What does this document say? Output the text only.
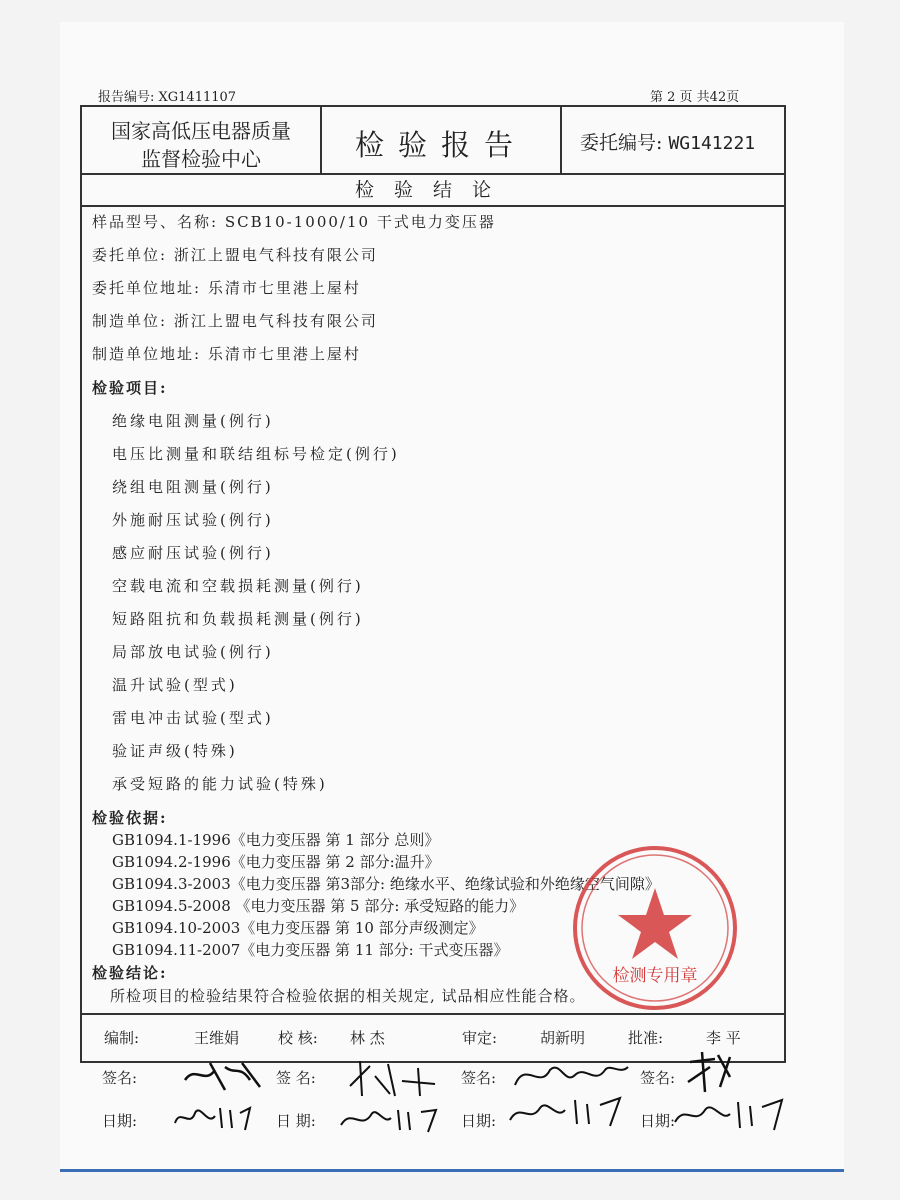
报告编号: XG1411107	第 2 页 共42页
国家高低压电器质量
监督检验中心	检验报告	委托编号: WG141221
检验结论
样品型号、名称: SCB10-1000/10 干式电力变压器
委托单位: 浙江上盟电气科技有限公司
委托单位地址: 乐清市七里港上屋村
制造单位: 浙江上盟电气科技有限公司
制造单位地址: 乐清市七里港上屋村
检验项目:
绝缘电阻测量(例行)
电压比测量和联结组标号检定(例行)
绕组电阻测量(例行)
外施耐压试验(例行)
感应耐压试验(例行)
空载电流和空载损耗测量(例行)
短路阻抗和负载损耗测量(例行)
局部放电试验(例行)
温升试验(型式)
雷电冲击试验(型式)
验证声级(特殊)
承受短路的能力试验(特殊)
检验依据:
GB1094.1-1996《电力变压器 第 1 部分 总则》
GB1094.2-1996《电力变压器 第 2 部分:温升》
GB1094.3-2003《电力变压器 第3部分: 绝缘水平、绝缘试验和外绝缘空气间隙》
GB1094.5-2008 《电力变压器 第 5 部分: 承受短路的能力》
GB1094.10-2003《电力变压器 第 10 部分声级测定》
GB1094.11-2007《电力变压器 第 11 部分: 干式变压器》
检验结论:
所检项目的检验结果符合检验依据的相关规定, 试品相应性能合格。
编制:	王维娟	校 核: 林 杰	审定:	胡新明	批准:	李 平
签名:	签 名:	签名:	签名:
日期:	日 期:	日期:	日期:
检测专用章
